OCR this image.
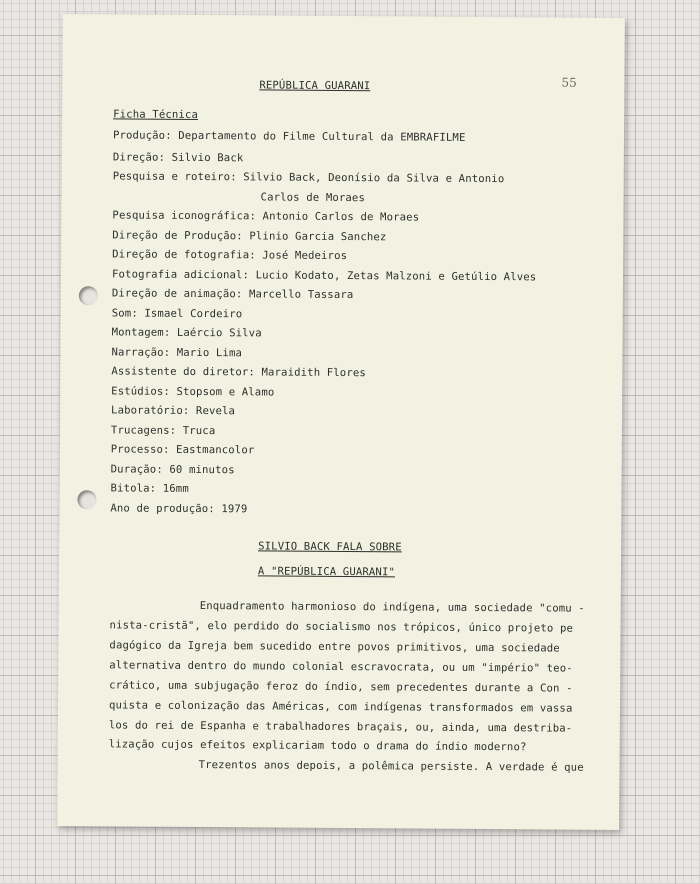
55
REPÚBLICA GUARANI
Ficha Técnica
Produção: Departamento do Filme Cultural da EMBRAFILME
Direção: Silvio Back
Pesquisa e roteiro: Silvio Back, Deonísio da Silva e Antonio
Carlos de Moraes
Pesquisa iconográfica: Antonio Carlos de Moraes
Direção de Produção: Plinio Garcia Sanchez
Direção de fotografia: José Medeiros
Fotografia adicional: Lucio Kodato, Zetas Malzoni e Getúlio Alves
Direção de animação: Marcello Tassara
Som: Ismael Cordeiro
Montagem: Laércio Silva
Narração: Mario Lima
Assistente do diretor: Maraidith Flores
Estúdios: Stopsom e Alamo
Laboratório: Revela
Trucagens: Truca
Processo: Eastmancolor
Duração: 60 minutos
Bitola: 16mm
Ano de produção: 1979
SILVIO BACK FALA SOBRE
A "REPÚBLICA GUARANI"
Enquadramento harmonioso do indígena, uma sociedade "comu -
nista-cristã", elo perdido do socialismo nos trópicos, único projeto pe
dagógico da Igreja bem sucedido entre povos primitivos, uma sociedade
alternativa dentro do mundo colonial escravocrata, ou um "império" teo-
crático, uma subjugação feroz do índio, sem precedentes durante a Con -
quista e colonização das Américas, com indígenas transformados em vassa
los do rei de Espanha e trabalhadores braçais, ou, ainda, uma destriba-
lização cujos efeitos explicariam todo o drama do índio moderno?
Trezentos anos depois, a polêmica persiste. A verdade é que
